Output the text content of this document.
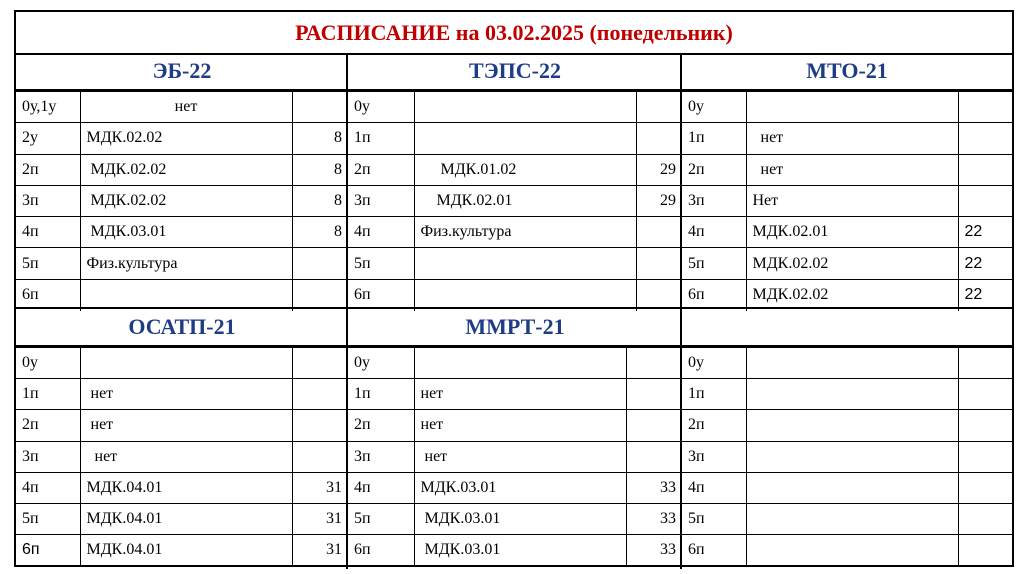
РАСПИСАНИЕ на 03.02.2025 (понедельник)
ЭБ-22
0у,1у	нет	
2у	МДК.02.02	8
2п	МДК.02.02	8
3п	МДК.02.02	8
4п	МДК.03.01	8
5п	Физ.культура	
6п		
ТЭПС-22
0у		
1п		
2п	МДК.01.02	29
3п	МДК.02.01	29
4п	Физ.культура	
5п		
6п		
МТО-21
0у		
1п	нет	
2п	нет	
3п	Нет	
4п	МДК.02.01	22
5п	МДК.02.02	22
6п	МДК.02.02	22
ОСАТП-21
0у		
1п	нет	
2п	нет	
3п	нет	
4п	МДК.04.01	31
5п	МДК.04.01	31
6п	МДК.04.01	31
ММРТ-21
0у		
1п	нет	
2п	нет	
3п	нет	
4п	МДК.03.01	33
5п	МДК.03.01	33
6п	МДК.03.01	33
0у		
1п		
2п		
3п		
4п		
5п		
6п		
